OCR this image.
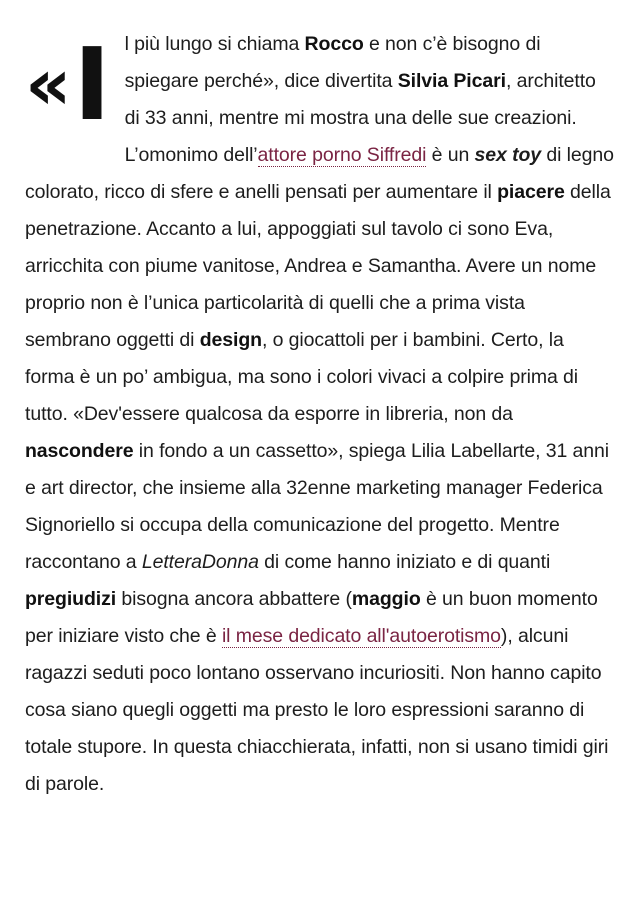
« I l più lungo si chiama Rocco e non c’è bisogno di spiegare perché», dice divertita Silvia Picari, architetto di 33 anni, mentre mi mostra una delle sue creazioni. L’omonimo dell’attore porno Siffredi è un sex toy di legno colorato, ricco di sfere e anelli pensati per aumentare il piacere della penetrazione. Accanto a lui, appoggiati sul tavolo ci sono Eva, arricchita con piume vanitose, Andrea e Samantha. Avere un nome proprio non è l’unica particolarità di quelli che a prima vista sembrano oggetti di design, o giocattoli per i bambini. Certo, la forma è un po’ ambigua, ma sono i colori vivaci a colpire prima di tutto. «Dev'essere qualcosa da esporre in libreria, non da nascondere in fondo a un cassetto», spiega Lilia Labellarte, 31 anni e art director, che insieme alla 32enne marketing manager Federica Signoriello si occupa della comunicazione del progetto. Mentre raccontano a LetteraDonna di come hanno iniziato e di quanti pregiudizi bisogna ancora abbattere (maggio è un buon momento per iniziare visto che è il mese dedicato all'autoerotismo), alcuni ragazzi seduti poco lontano osservano incuriositi. Non hanno capito cosa siano quegli oggetti ma presto le loro espressioni saranno di totale stupore. In questa chiacchierata, infatti, non si usano timidi giri di parole.
